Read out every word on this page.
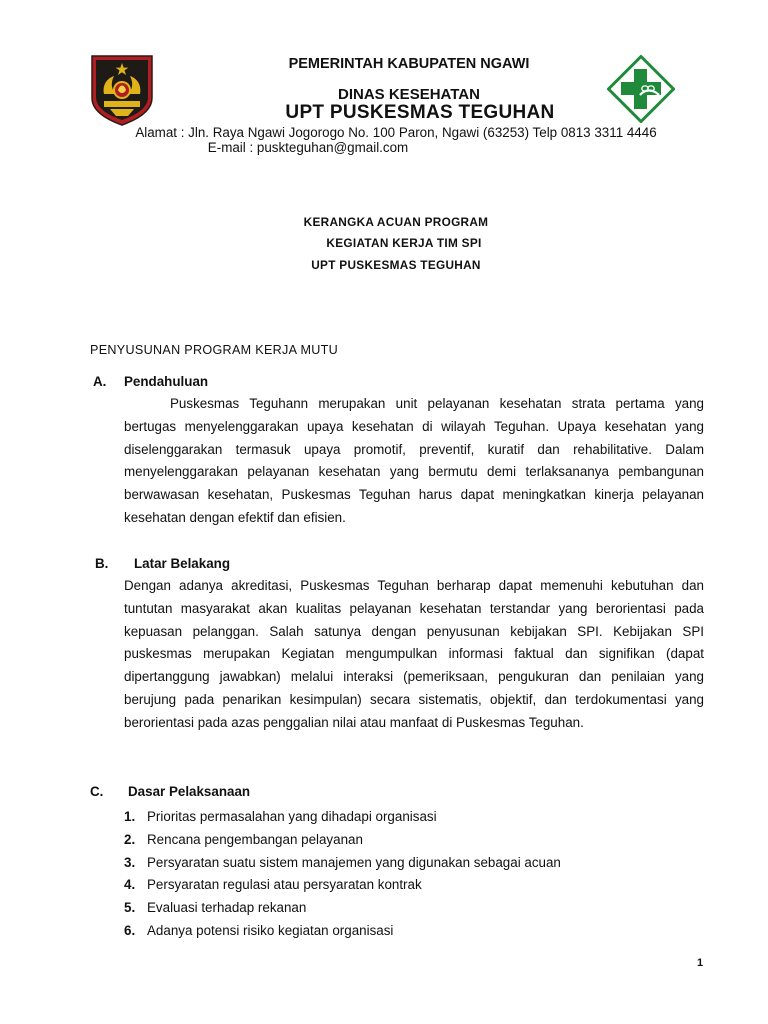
PEMERINTAH KABUPATEN NGAWI
DINAS KESEHATAN
UPT PUSKESMAS TEGUHAN
Alamat : Jln. Raya Ngawi Jogorogo No. 100 Paron, Ngawi (63253) Telp 0813 3311 4446
E-mail : puskteguhan@gmail.com
KERANGKA ACUAN PROGRAM
KEGIATAN KERJA TIM SPI
UPT PUSKESMAS TEGUHAN
PENYUSUNAN PROGRAM KERJA MUTU
A. Pendahuluan
Puskesmas Teguhann merupakan unit pelayanan kesehatan strata pertama yang bertugas menyelenggarakan upaya kesehatan di wilayah Teguhan. Upaya kesehatan yang diselenggarakan termasuk upaya promotif, preventif, kuratif dan rehabilitative. Dalam menyelenggarakan pelayanan kesehatan yang bermutu demi terlaksananya pembangunan berwawasan kesehatan, Puskesmas Teguhan harus dapat meningkatkan kinerja pelayanan kesehatan dengan efektif dan efisien.
B. Latar Belakang
Dengan adanya akreditasi, Puskesmas Teguhan berharap dapat memenuhi kebutuhan dan tuntutan masyarakat akan kualitas pelayanan kesehatan terstandar yang berorientasi pada kepuasan pelanggan. Salah satunya dengan penyusunan kebijakan SPI. Kebijakan SPI puskesmas merupakan Kegiatan mengumpulkan informasi faktual dan signifikan (dapat dipertanggung jawabkan) melalui interaksi (pemeriksaan, pengukuran dan penilaian yang berujung pada penarikan kesimpulan) secara sistematis, objektif, dan terdokumentasi yang berorientasi pada azas penggalian nilai atau manfaat di Puskesmas Teguhan.
C. Dasar Pelaksanaan
1. Prioritas permasalahan yang dihadapi organisasi
2. Rencana pengembangan pelayanan
3. Persyaratan suatu sistem manajemen yang digunakan sebagai acuan
4. Persyaratan regulasi atau persyaratan kontrak
5. Evaluasi terhadap rekanan
6. Adanya potensi risiko kegiatan organisasi
1
